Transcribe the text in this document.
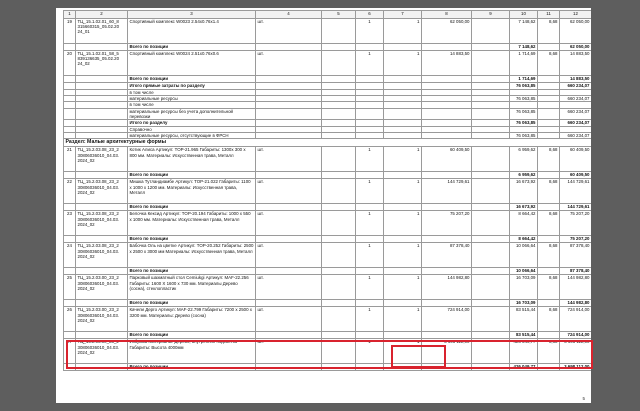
1	2	3	4	5	6	7	8	9	10	11	12
19	ТЦ_15.1.02.01_60_8 315660315_05.02.20 24_01	Спортивный комплекс W0023 2.54x0.76x1.4	шт.		1	1	62 050,00		7 148,62	8,68	62 050,00
		Всего по позиции							7 148,62		62 050,00
20	ТЦ_15.1.02.01_58_5 839136635_05.02.20 24_02	Спортивный комплекс W0024 2.51x0.76x0.6	шт.		1	1	14 883,50		1 714,69	8,68	14 883,50
		Всего по позиции							1 714,69		14 883,50
		Итого прямые затраты по разделу							76 063,85		660 234,07
		в том числе									
		материальные ресурсы							76 063,85		660 234,07
		в том числе									
		материальные ресурсы без учета дополнительной перевозки							76 063,85		660 234,07
		Итого по разделу							76 063,85		660 234,07
		Справочно									
		материальные ресурсы, отсутствующие в ФРСН							76 063,85		660 234,07
Раздел: Малые архитектурные формы											
21	ТЦ_15.2.03.08_23_2 30806036010_04.03. 2024_02	Котик Алиса Артикул: TOP-21.965 Габариты: 1300х 300 х 800 мм. Материалы: Искусственная трава, Металл	шт.		1	1	60 409,50		6 959,62	8,68	60 409,50
		Всего по позиции							6 959,62		60 409,50
22	ТЦ_15.2.03.08_23_2 30806036010_04.03. 2024_02	Мишка Тутландиамбе Артикул: TOP-21.022 Габариты: 1100 х 1000 х 1200 мм. Материалы: Искусственная трава, Металл	шт.		1	1	144 729,61		16 673,92	8,68	144 729,61
		Всего по позиции							16 673,92		144 729,61
23	ТЦ_15.2.03.08_23_2 30806036010_04.03. 2024_02	Белочка Кексид Артикул: TOP-20.194 Габариты: 1000 х 550 х 1000 мм. Материалы: Искусственная трава, Металл	шт.		1	1	75 207,20		8 664,42	8,68	75 207,20
		Всего по позиции							8 664,42		75 207,20
24	ТЦ_15.2.03.08_23_2 30806036010_04.03. 2024_02	Бабочка Оль на цветке Артикул: TOP-20.252 Габариты: 2500 х 2500 х 3000 мм Материалы: Искусственная трава, Металл	шт.		1	1	87 378,40		10 066,64	8,68	87 378,40
		Всего по позиции							10 066,64		87 378,40
25	ТЦ_15.2.03.00_23_2 30806036010_04.03. 2024_02	Парковый шахматный стол Cemiukgi Артикул: MAF-22.256 Габариты: 1600 X 1600 х 730 мм. Материалы Дерево (сосна), стеклопластик	шт.		1	1	144 982,80		16 703,09	8,68	144 982,80
		Всего по позиции							16 703,09		144 982,80
26	ТЦ_15.2.03.00_23_2 30806036010_04.03. 2024_02	Качели Дерго Артикул: MAF-22.799 Габариты: 7200 х 2500 х 3200 мм. Материалы: Дерево (сосна)	шт.		1	1	724 914,00		83 515,44	8,68	724 914,00
		Всего по позиции							83 515,44		724 914,00
27	ТЦ_15.2.03.00_23_2 30806036010_04.03. 2024_02	Избушка Материалы: Дерево, внутренняя подсветка Габариты: Высота 4000мм	шт.		1	1	3 698 112,00		426 049,77	8,68	3 698 112,00
		Всего по позиции							426 049,77		3 698 112,00
5
